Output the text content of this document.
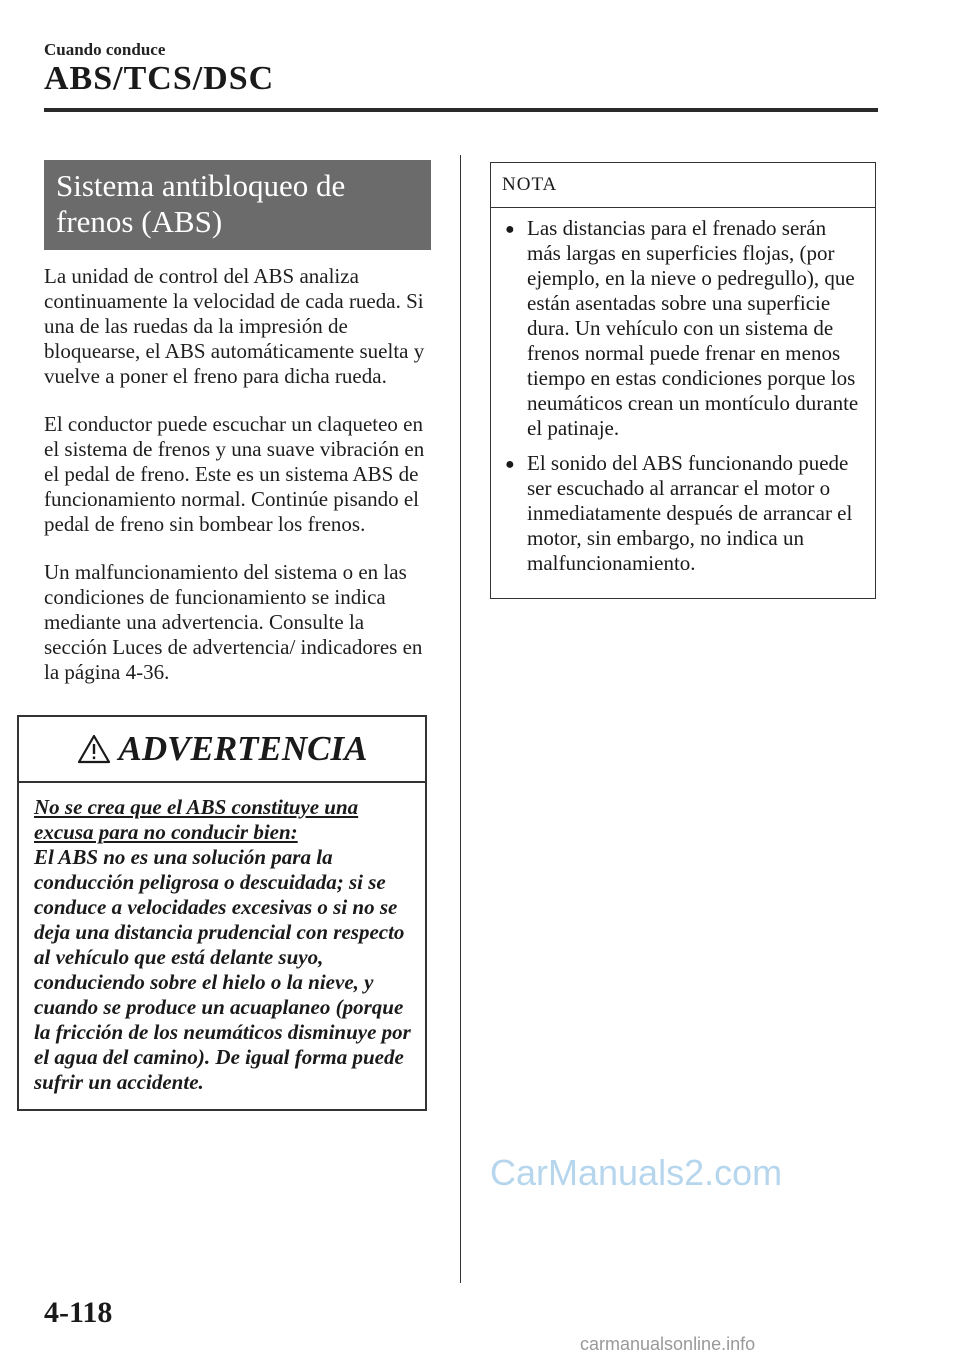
Cuando conduce
ABS/TCS/DSC
Sistema antibloqueo de
frenos (ABS)

La unidad de control del ABS analiza continuamente la velocidad de cada rueda. Si una de las ruedas da la impresión de bloquearse, el ABS automáticamente suelta y vuelve a poner el freno para dicha rueda.

El conductor puede escuchar un claqueteo en el sistema de frenos y una suave vibración en el pedal de freno. Este es un sistema ABS de funcionamiento normal. Continúe pisando el pedal de freno sin bombear los frenos.

Un malfuncionamiento del sistema o en las condiciones de funcionamiento se indica mediante una advertencia. Consulte la sección Luces de advertencia/ indicadores en la página 4-36.

ADVERTENCIA
No se crea que el ABS constituye una excusa para no conducir bien:
El ABS no es una solución para la conducción peligrosa o descuidada; si se conduce a velocidades excesivas o si no se deja una distancia prudencial con respecto al vehículo que está delante suyo, conduciendo sobre el hielo o la nieve, y cuando se produce un acuaplaneo (porque la fricción de los neumáticos disminuye por el agua del camino). De igual forma puede sufrir un accidente.
NOTA
● Las distancias para el frenado serán más largas en superficies flojas, (por ejemplo, en la nieve o pedregullo), que están asentadas sobre una superficie dura. Un vehículo con un sistema de frenos normal puede frenar en menos tiempo en estas condiciones porque los neumáticos crean un montículo durante el patinaje.
● El sonido del ABS funcionando puede ser escuchado al arrancar el motor o inmediatamente después de arrancar el motor, sin embargo, no indica un malfuncionamiento.
CarManuals2.com
4-118
carmanualsonline.info
